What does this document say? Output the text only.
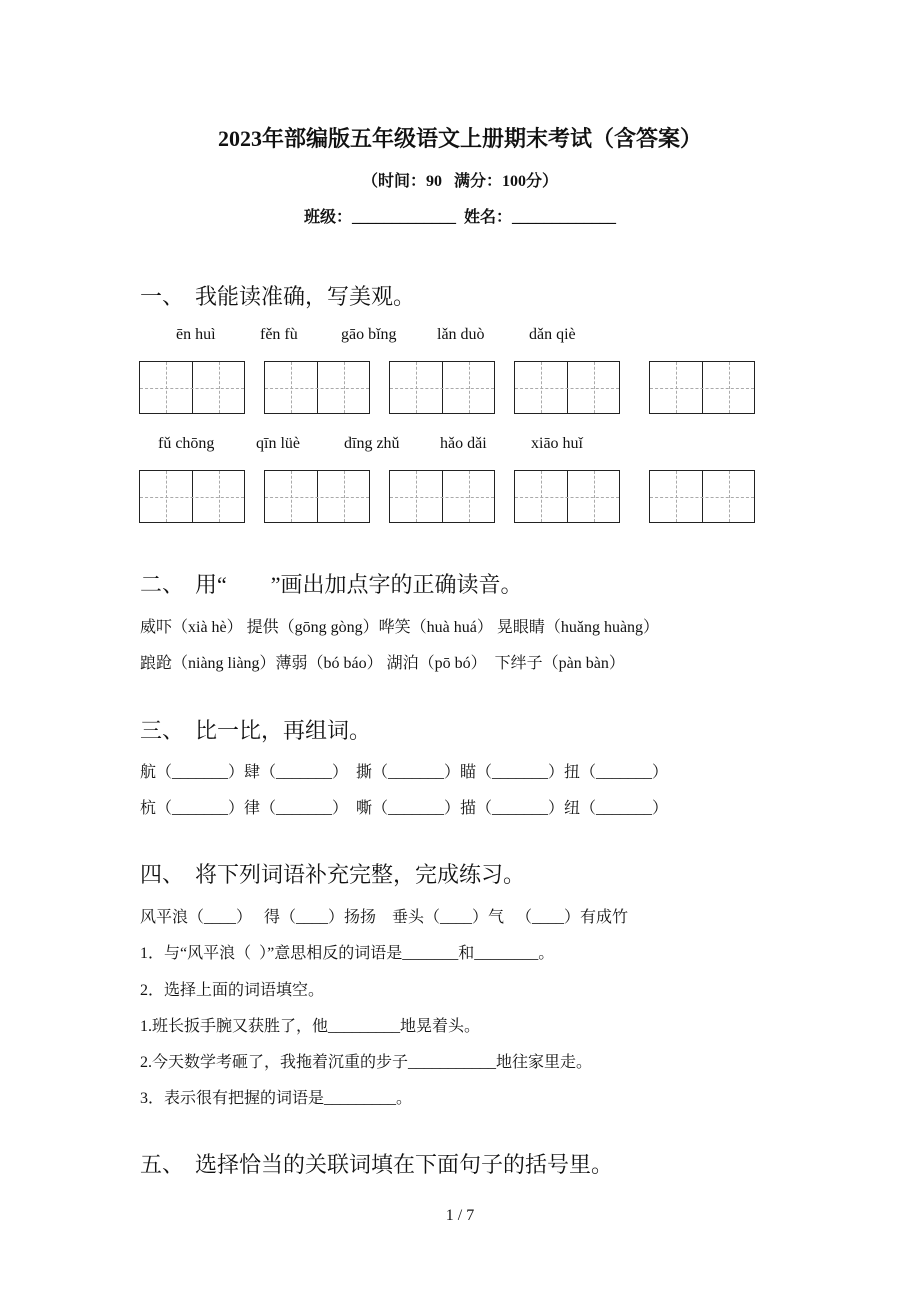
2023年部编版五年级语文上册期末考试（含答案）
（时间：90   满分：100分）
班级：_____________  姓名：_____________
一、  我能读准确，写美观。
ēn huì	fěn fù	gāo bǐng	lǎn duò	dǎn qiè
fǔ chōng	qīn lüè	dīng zhǔ	hǎo dǎi	xiāo huǐ
二、  用“        ”画出加点字的正确读音。
威吓（xià hè） 提供（gōng gòng）哗笑（huà huá） 晃眼睛（huǎng huàng）
踉跄（niàng liàng）薄弱（bó báo） 湖泊（pō bó）  下绊子（pàn bàn）
三、  比一比，再组词。
航（_______）肆（_______）  撕（_______）瞄（_______）扭（_______）
杭（_______）律（_______）  嘶（_______）描（_______）纽（_______）
四、  将下列词语补充完整，完成练习。
风平浪（____）   得（____）扬扬    垂头（____）气   （____）有成竹
1．与“风平浪（  ）”意思相反的词语是_______和________。
2．选择上面的词语填空。
1.班长扳手腕又获胜了，他_________地晃着头。
2.今天数学考砸了，我拖着沉重的步子___________地往家里走。
3．表示很有把握的词语是_________。
五、  选择恰当的关联词填在下面句子的括号里。
1 / 7
